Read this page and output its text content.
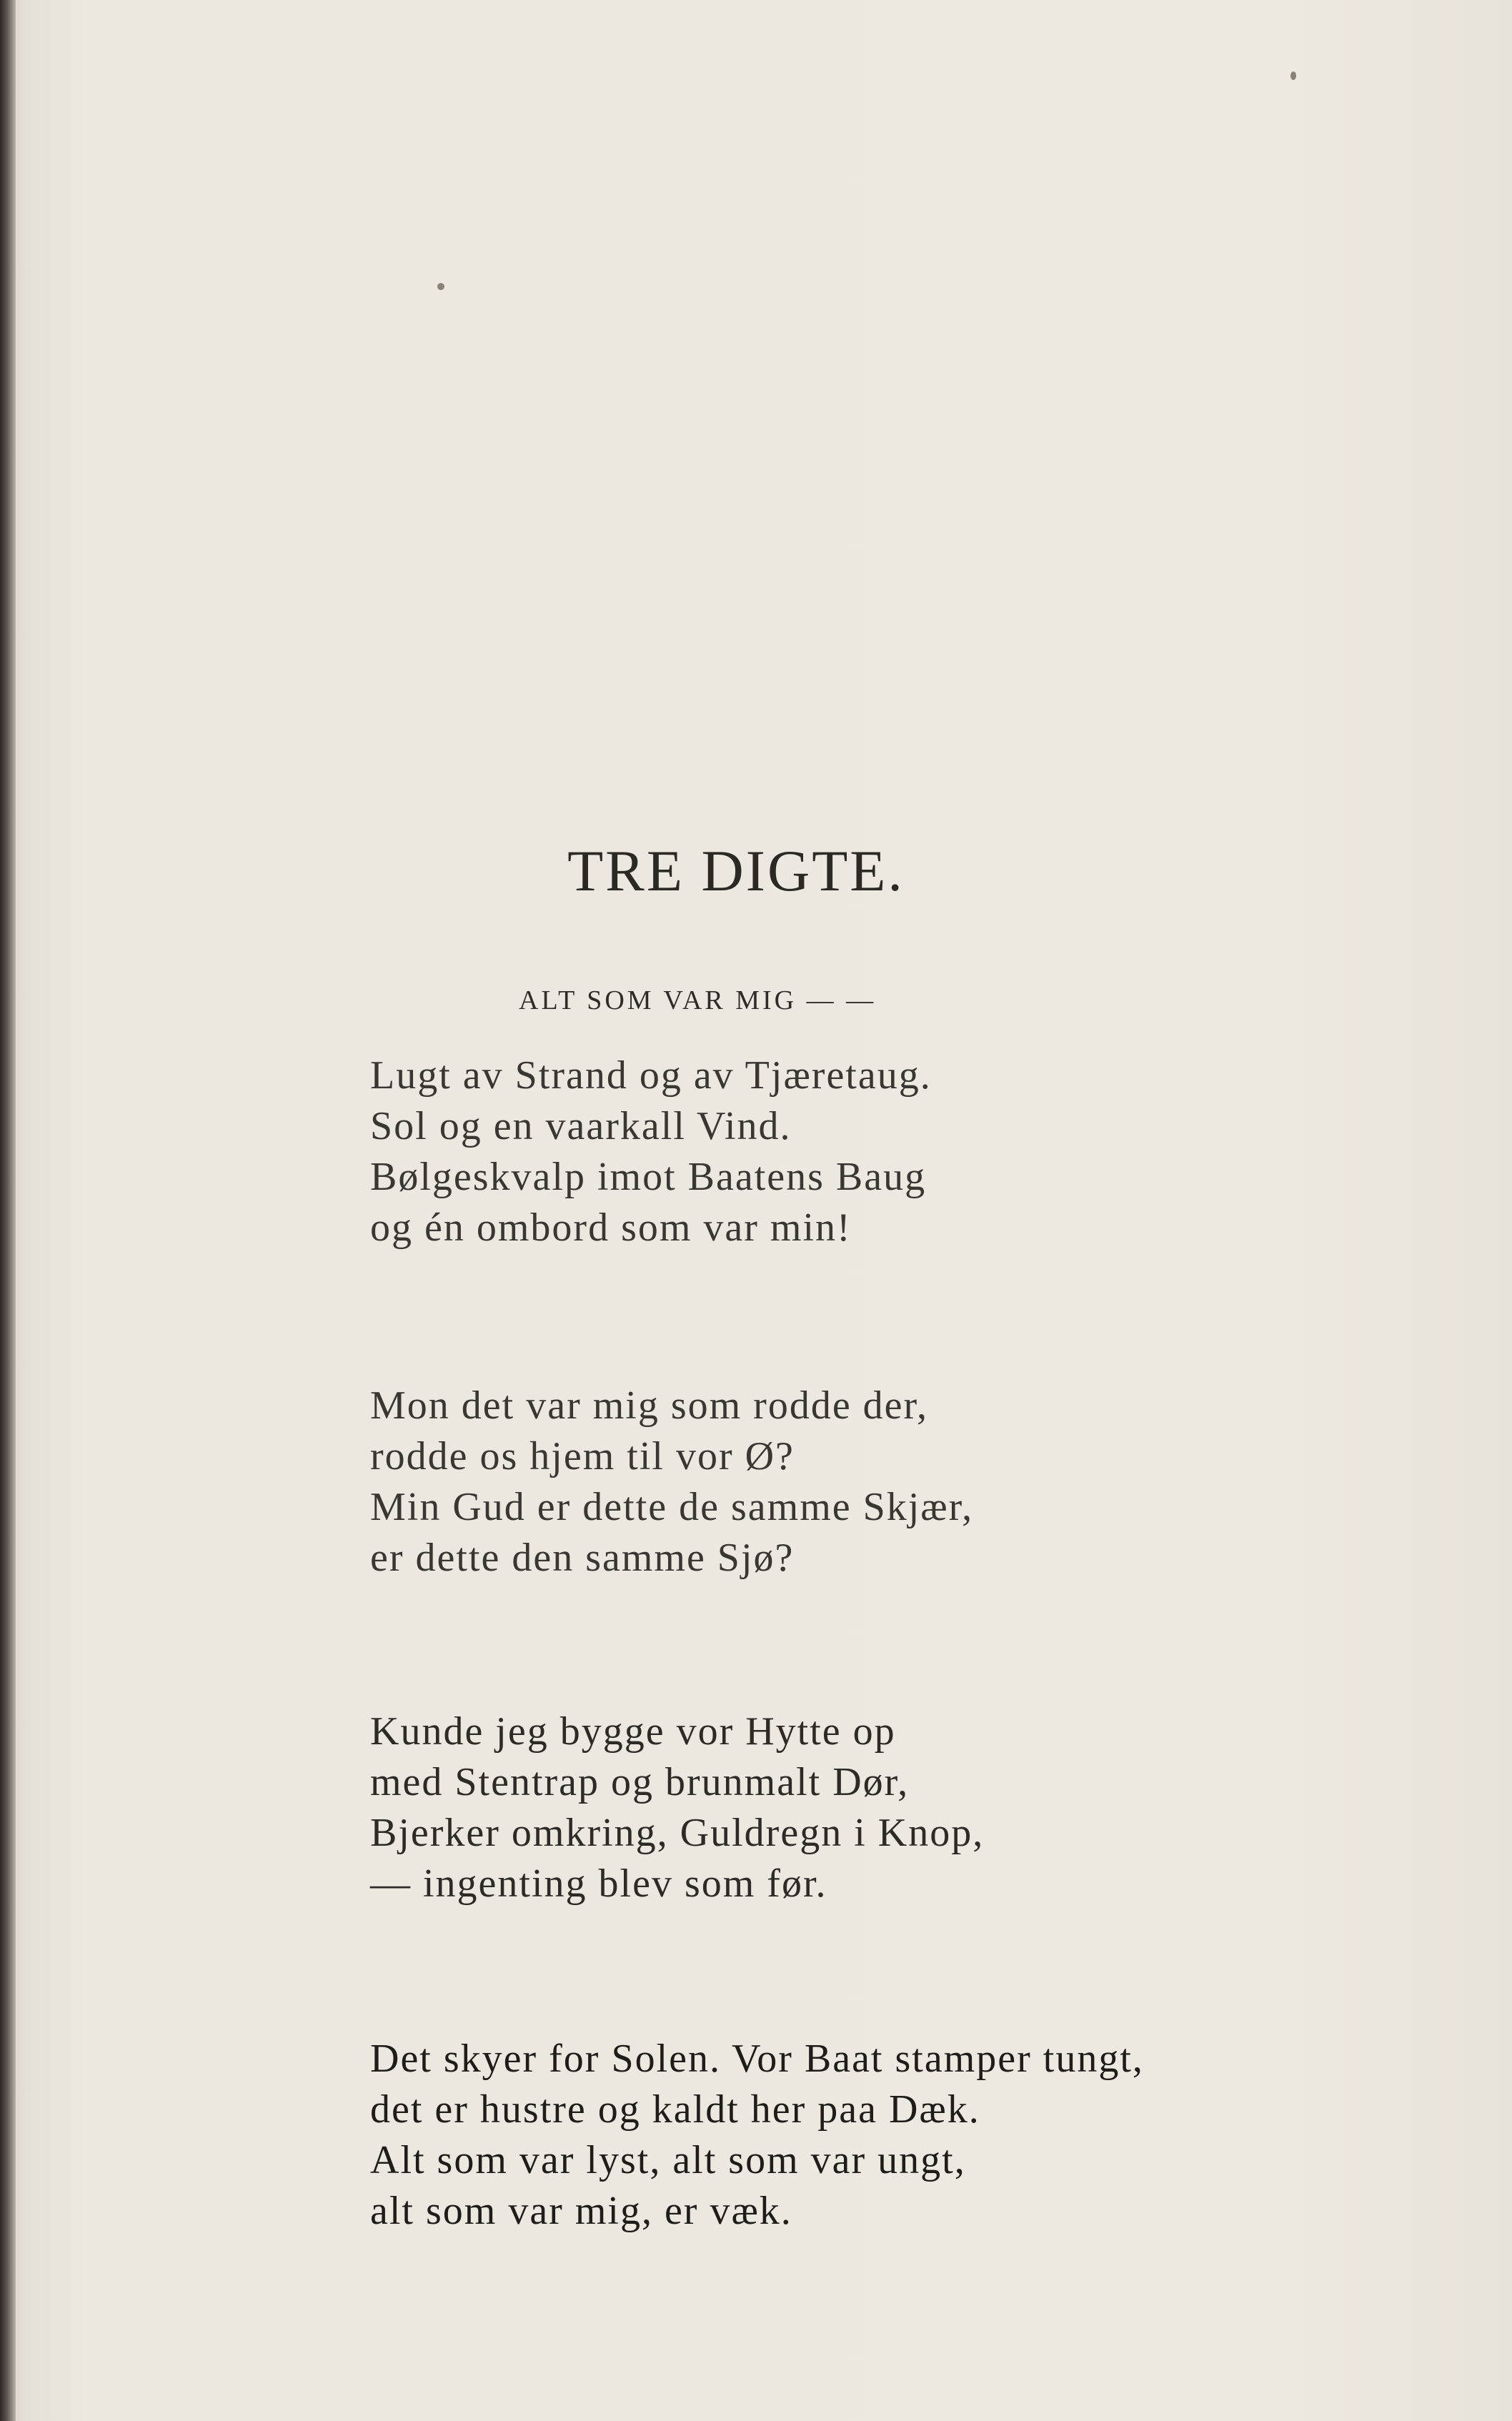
TRE DIGTE.
ALT SOM VAR MIG — —
Lugt av Strand og av Tjæretaug.
Sol og en vaarkall Vind.
Bølgeskvalp imot Baatens Baug
og én ombord som var min!
Mon det var mig som rodde der,
rodde os hjem til vor Ø?
Min Gud er dette de samme Skjær,
er dette den samme Sjø?
Kunde jeg bygge vor Hytte op
med Stentrap og brunmalt Dør,
Bjerker omkring, Guldregn i Knop,
— ingenting blev som før.
Det skyer for Solen. Vor Baat stamper tungt,
det er hustre og kaldt her paa Dæk.
Alt som var lyst, alt som var ungt,
alt som var mig, er væk.
